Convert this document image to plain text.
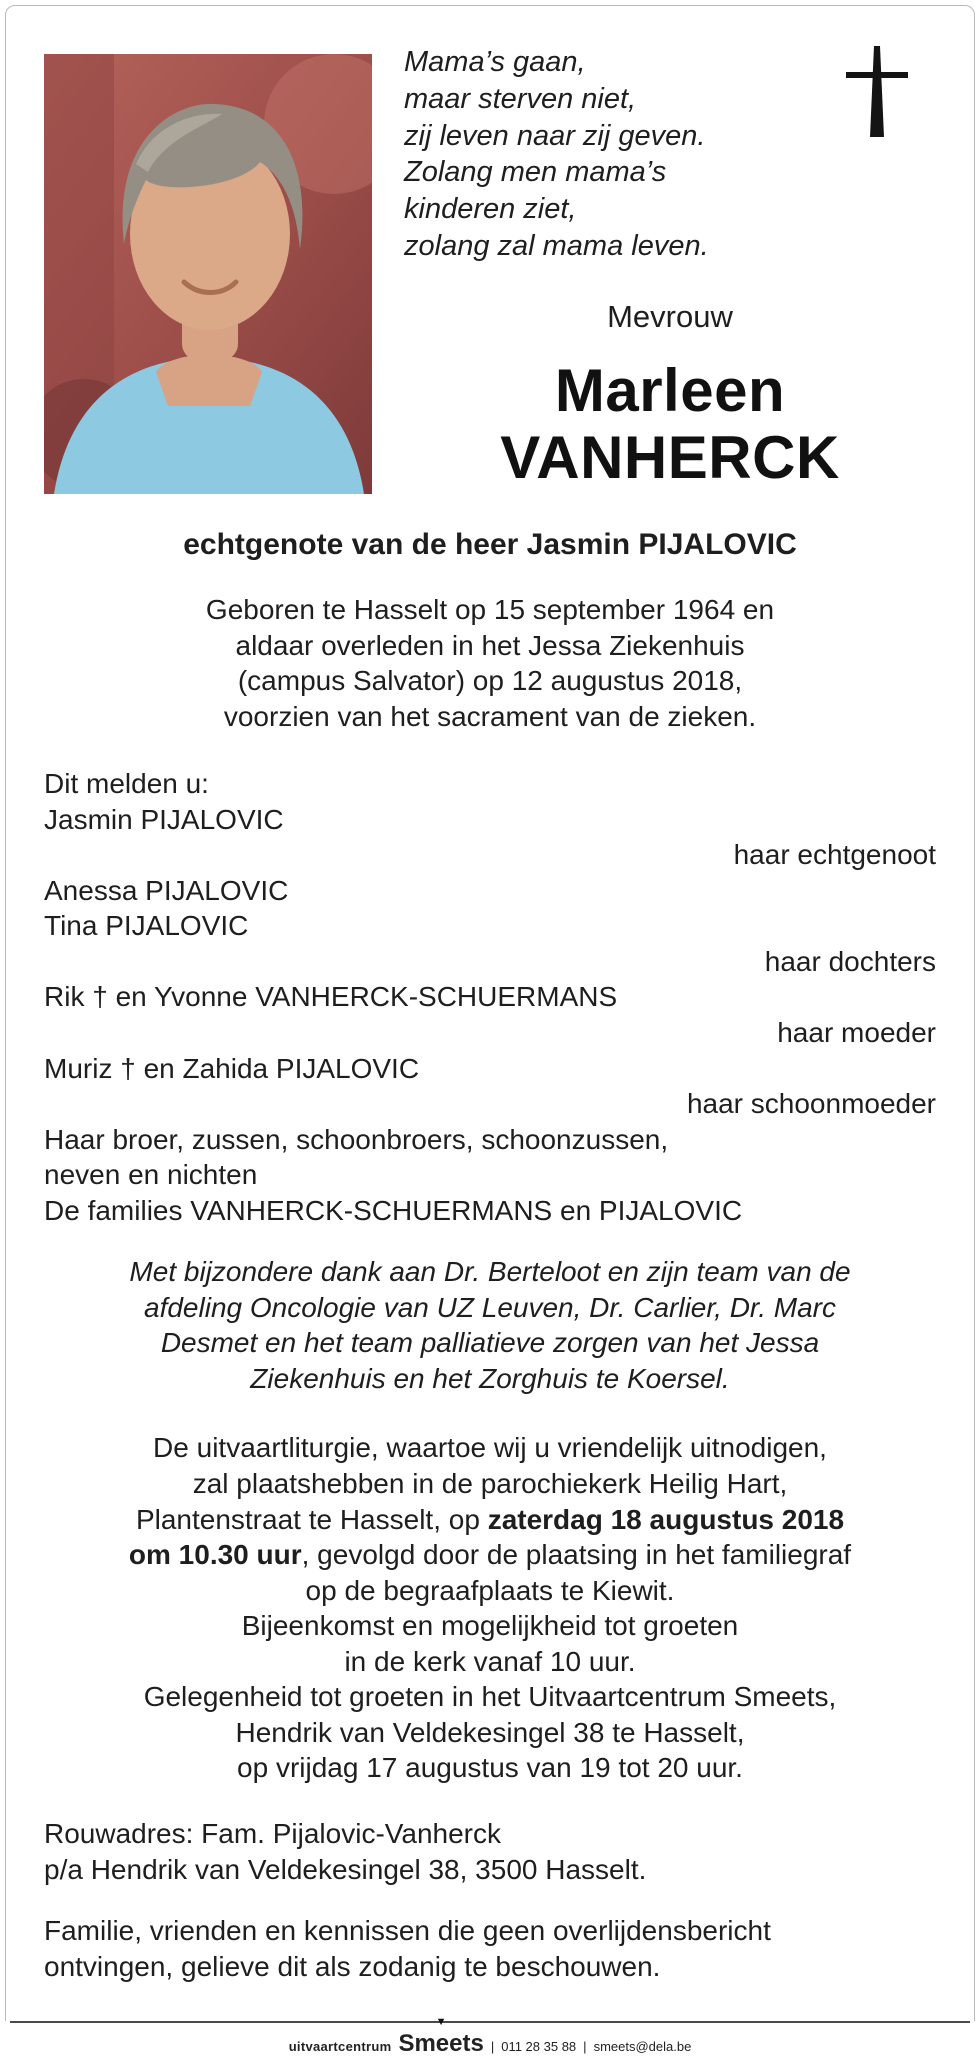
Mama’s gaan,
maar sterven niet,
zij leven naar zij geven.
Zolang men mama’s
kinderen ziet,
zolang zal mama leven.
Mevrouw
Marleen
VANHERCK
echtgenote van de heer Jasmin PIJALOVIC
Geboren te Hasselt op 15 september 1964 en
aldaar overleden in het Jessa Ziekenhuis
(campus Salvator) op 12 augustus 2018,
voorzien van het sacrament van de zieken.
Dit melden u:
Jasmin PIJALOVIC
haar echtgenoot
Anessa PIJALOVIC
Tina PIJALOVIC
haar dochters
Rik † en Yvonne VANHERCK-SCHUERMANS
haar moeder
Muriz † en Zahida PIJALOVIC
haar schoonmoeder
Haar broer, zussen, schoonbroers, schoonzussen,
neven en nichten
De families VANHERCK-SCHUERMANS en PIJALOVIC
Met bijzondere dank aan Dr. Berteloot en zijn team van de
afdeling Oncologie van UZ Leuven, Dr. Carlier, Dr. Marc
Desmet en het team palliatieve zorgen van het Jessa
Ziekenhuis en het Zorghuis te Koersel.
De uitvaartliturgie, waartoe wij u vriendelijk uitnodigen,
zal plaatshebben in de parochiekerk Heilig Hart,
Plantenstraat te Hasselt, op zaterdag 18 augustus 2018
om 10.30 uur, gevolgd door de plaatsing in het familiegraf
op de begraafplaats te Kiewit.
Bijeenkomst en mogelijkheid tot groeten
in de kerk vanaf 10 uur.
Gelegenheid tot groeten in het Uitvaartcentrum Smeets,
Hendrik van Veldekesingel 38 te Hasselt,
op vrijdag 17 augustus van 19 tot 20 uur.
Rouwadres: Fam. Pijalovic-Vanherck
p/a Hendrik van Veldekesingel 38, 3500 Hasselt.
Familie, vrienden en kennissen die geen overlijdensbericht
ontvingen, gelieve dit als zodanig te beschouwen.
uitvaartcentrum
▼
Smeets | 011 28 35 88 | smeets@dela.be
